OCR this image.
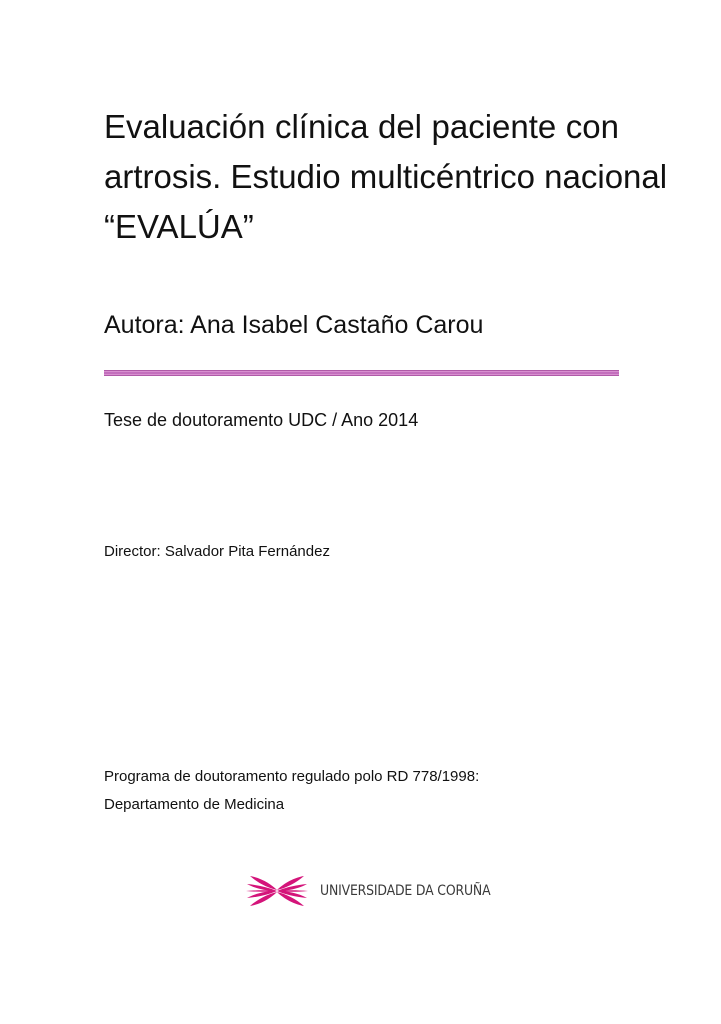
Evaluación clínica del paciente con
artrosis. Estudio multicéntrico nacional
“EVALÚA”

Autora: Ana Isabel Castaño Carou

Tese de doutoramento UDC / Ano 2014

Director: Salvador Pita Fernández

Programa de doutoramento regulado polo RD 778/1998:
Departamento de Medicina

UNIVERSIDADE DA CORUÑA
